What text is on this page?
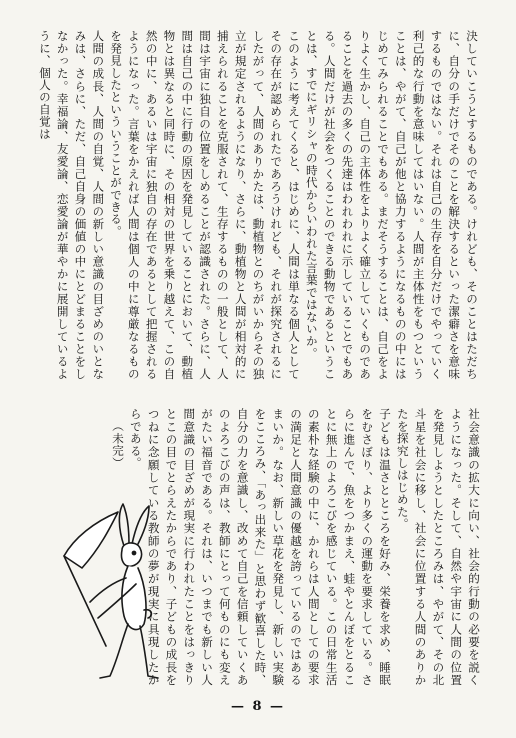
決していこうとするものである。けれども、そのことはただちに、自分の手だけでそのことを解決するといった潔癖さを意味するものではない。それは自己の生存を自分だけでやっていく利己的な行動を意味してはいない。人間が主体性をもつということは、やがて、自己が他と協力するようになるものの中にはじめてみられることでもある。まだそうすることは、自己をよりよく生かし、自己の主体性をよりよく確立していくものであることを過去の多くの先達はわれわれに示していることでもある。人間だけが社会をつくることのできる動物であるということは、すでにギリシャの時代からいわれた言葉ではないか。

このように考えてくると、はじめに、人間は単なる個人としてその存在が認められたであろうけれども、それが探究されるにしたがって、人間のありかたは、動植物とのちがいからその独立が規定されるようになり、さらに、動植物と人間が相対的に捕えられることを克服されて、生存するものの一般として、人間は宇宙に独自の位置をしめることが認識された。さらに、人間は自己の中に行動の原因を発見していることにおいて、動植物とは異なると同時に、その相対の世界を乗り越えて、この自然の中に、あるいは宇宙に独自の存在であるとして把握されるようになった。言葉をかえれば人間は個人の中に尊厳なるものを発見したといういうことができる。

人間の成長、人間の自覚、人間の新しい意識の目ざめのいとなみは、さらに、ただ、自己自身の価値の中にとどまることをしなかった。幸福論、友愛論、恋愛論が華やかに展開しているように、個人の自覚は

社会意識の拡大に向い、社会的行動の必要を説くようになった。そして、自然や宇宙に人間の位置を発見しようとしたところみは、やがて、その北斗星を社会に移し、社会に位置する人間のありかたを探究しはじめた。

子どもは温さとところを好み、栄養を求め、睡眠をむさぼり、より多くの運動を要求している。さらに進んで、魚をつかまえ、蛙やとんぼをとることに無上のよろこびを感じている。この日常生活の素朴な経験の中に、かれらは人間としての要求の満足と人間意識の優越を誇っているのではあるまいか。なお、新しい草花を発見し、新しい実験をこころみ、「あっ出来た」と思わず歓喜した時、自分の力を意識し、改めて自己を信頼していくあのよろこびの声は、教師にとって何ものにも変えがたい福音である。それは、いつまでも新しい人間意識の目ざめが現実に行われたことをはっきりとこの目でとらえたからであり、子どもの成長をつねに念願している教師の夢が現実に具現したからである。

（未完）
— 8 —
